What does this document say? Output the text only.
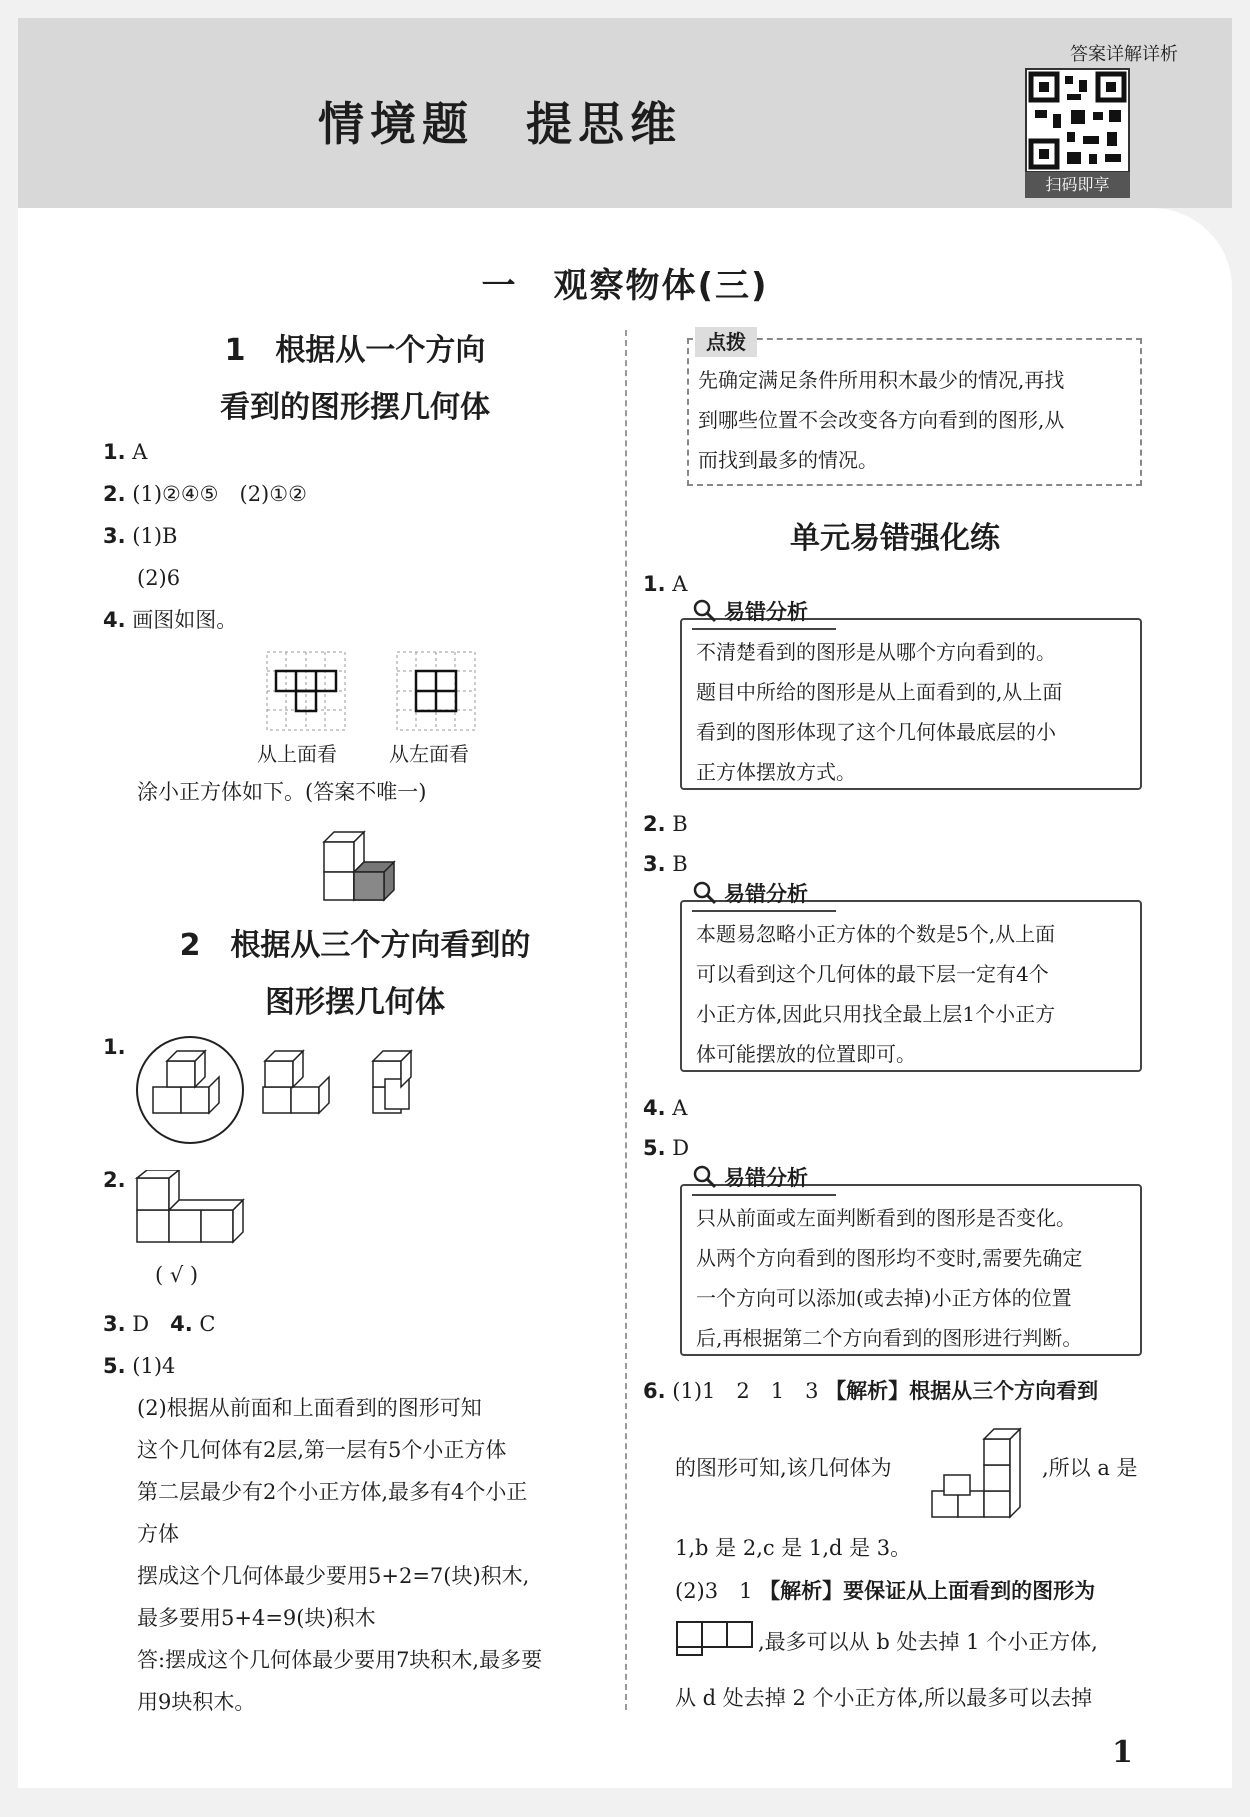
情境题　提思维
答案详解详析
扫码即享
一　观察物体(三)
1　根据从一个方向
看到的图形摆几何体
1. A
2. (1)②④⑤　(2)①②
3. (1)B
(2)6
4. 画图如图。
从上面看	从左面看
涂小正方体如下。(答案不唯一)
2　根据从三个方向看到的
图形摆几何体
1.
2.
( √ )
3. D　 4. C
5. (1)4
(2)根据从前面和上面看到的图形可知
这个几何体有2层,第一层有5个小正方体
第二层最少有2个小正方体,最多有4个小正
方体
摆成这个几何体最少要用5+2=7(块)积木,
最多要用5+4=9(块)积木
答:摆成这个几何体最少要用7块积木,最多要
用9块积木。
点拨
先确定满足条件所用积木最少的情况,再找
到哪些位置不会改变各方向看到的图形,从
而找到最多的情况。
单元易错强化练
1. A
易错分析
不清楚看到的图形是从哪个方向看到的。
题目中所给的图形是从上面看到的,从上面
看到的图形体现了这个几何体最底层的小
正方体摆放方式。
2. B
3. B
易错分析
本题易忽略小正方体的个数是5个,从上面
可以看到这个几何体的最下层一定有4个
小正方体,因此只用找全最上层1个小正方
体可能摆放的位置即可。
4. A
5. D
易错分析
只从前面或左面判断看到的图形是否变化。
从两个方向看到的图形均不变时,需要先确定
一个方向可以添加(或去掉)小正方体的位置
后,再根据第二个方向看到的图形进行判断。
6. (1)1　2　1　3 【解析】根据从三个方向看到
的图形可知,该几何体为	,所以 a 是
1,b 是 2,c 是 1,d 是 3。
(2)3　1 【解析】要保证从上面看到的图形为
,最多可以从 b 处去掉 1 个小正方体,
从 d 处去掉 2 个小正方体,所以最多可以去掉
1
